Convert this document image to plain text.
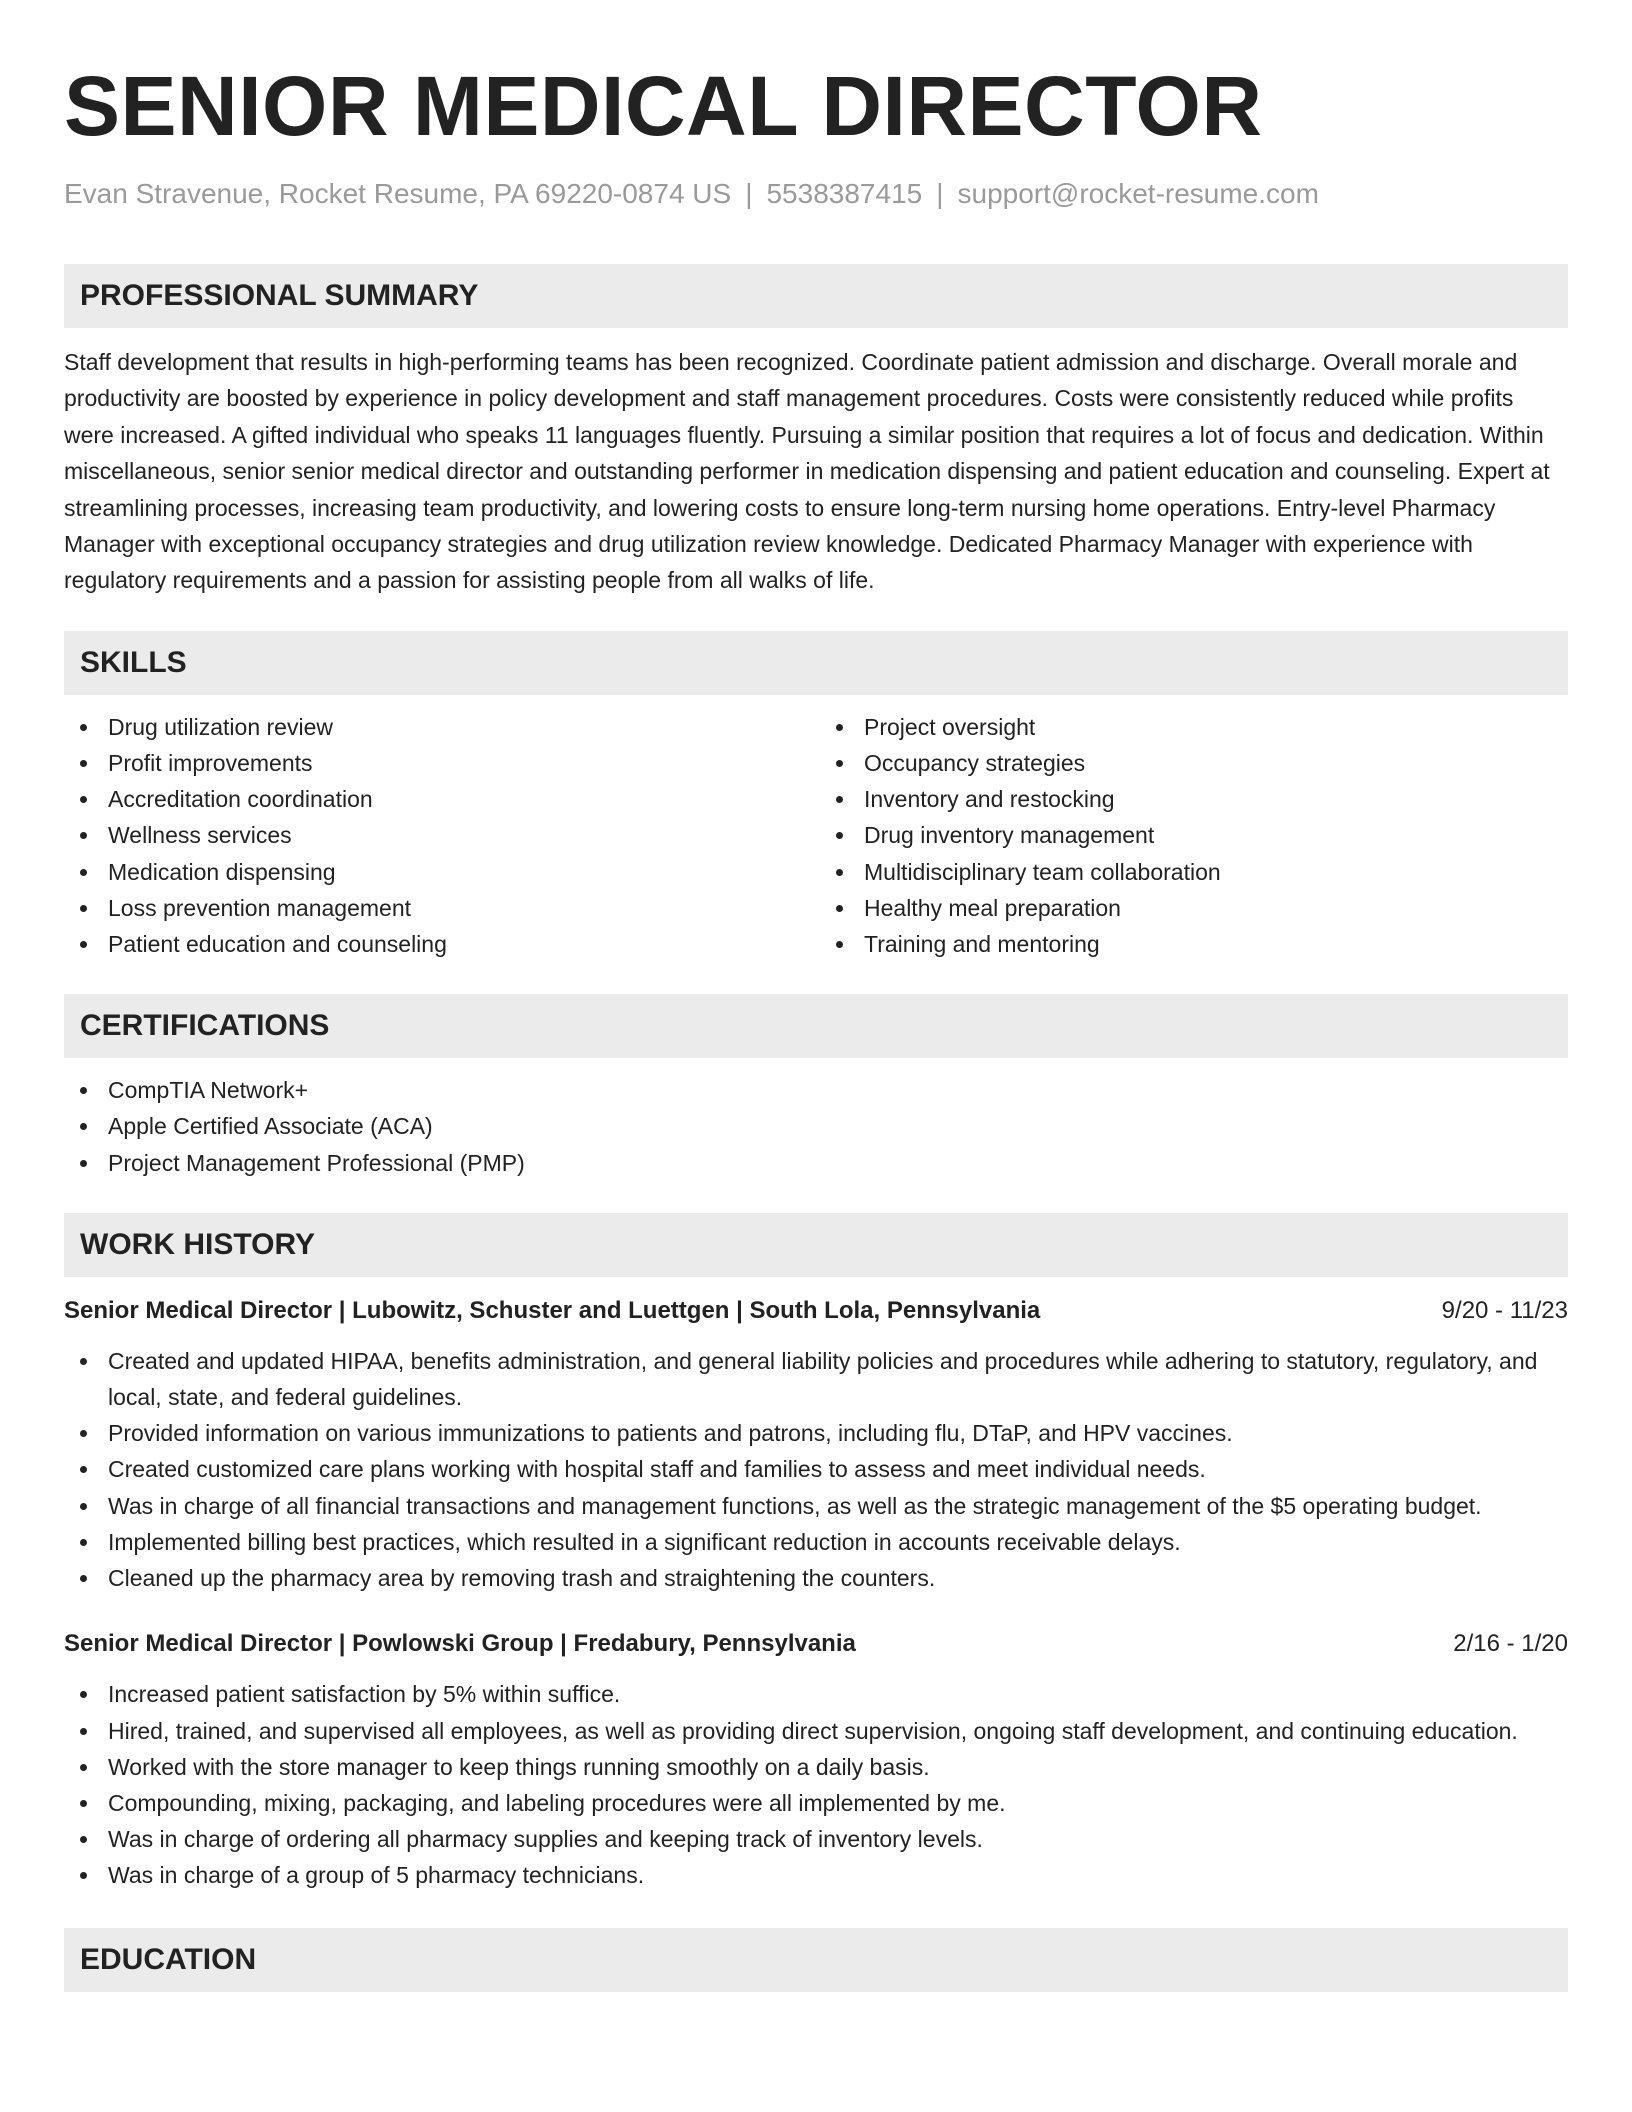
SENIOR MEDICAL DIRECTOR
Evan Stravenue, Rocket Resume, PA 69220-0874 US | 5538387415 | support@rocket-resume.com
PROFESSIONAL SUMMARY

Staff development that results in high-performing teams has been recognized. Coordinate patient admission and discharge. Overall morale and productivity are boosted by experience in policy development and staff management procedures. Costs were consistently reduced while profits were increased. A gifted individual who speaks 11 languages fluently. Pursuing a similar position that requires a lot of focus and dedication. Within miscellaneous, senior senior medical director and outstanding performer in medication dispensing and patient education and counseling. Expert at streamlining processes, increasing team productivity, and lowering costs to ensure long-term nursing home operations. Entry-level Pharmacy Manager with exceptional occupancy strategies and drug utilization review knowledge. Dedicated Pharmacy Manager with experience with regulatory requirements and a passion for assisting people from all walks of life.

SKILLS
Drug utilization review
Profit improvements
Accreditation coordination
Wellness services
Medication dispensing
Loss prevention management
Patient education and counseling
Project oversight
Occupancy strategies
Inventory and restocking
Drug inventory management
Multidisciplinary team collaboration
Healthy meal preparation
Training and mentoring
CERTIFICATIONS
CompTIA Network+
Apple Certified Associate (ACA)
Project Management Professional (PMP)
WORK HISTORY
Senior Medical Director | Lubowitz, Schuster and Luettgen | South Lola, Pennsylvania	9/20 - 11/23
Created and updated HIPAA, benefits administration, and general liability policies and procedures while adhering to statutory, regulatory, and local, state, and federal guidelines.
Provided information on various immunizations to patients and patrons, including flu, DTaP, and HPV vaccines.
Created customized care plans working with hospital staff and families to assess and meet individual needs.
Was in charge of all financial transactions and management functions, as well as the strategic management of the $5 operating budget.
Implemented billing best practices, which resulted in a significant reduction in accounts receivable delays.
Cleaned up the pharmacy area by removing trash and straightening the counters.
Senior Medical Director | Powlowski Group | Fredabury, Pennsylvania	2/16 - 1/20
Increased patient satisfaction by 5% within suffice.
Hired, trained, and supervised all employees, as well as providing direct supervision, ongoing staff development, and continuing education.
Worked with the store manager to keep things running smoothly on a daily basis.
Compounding, mixing, packaging, and labeling procedures were all implemented by me.
Was in charge of ordering all pharmacy supplies and keeping track of inventory levels.
Was in charge of a group of 5 pharmacy technicians.
EDUCATION
